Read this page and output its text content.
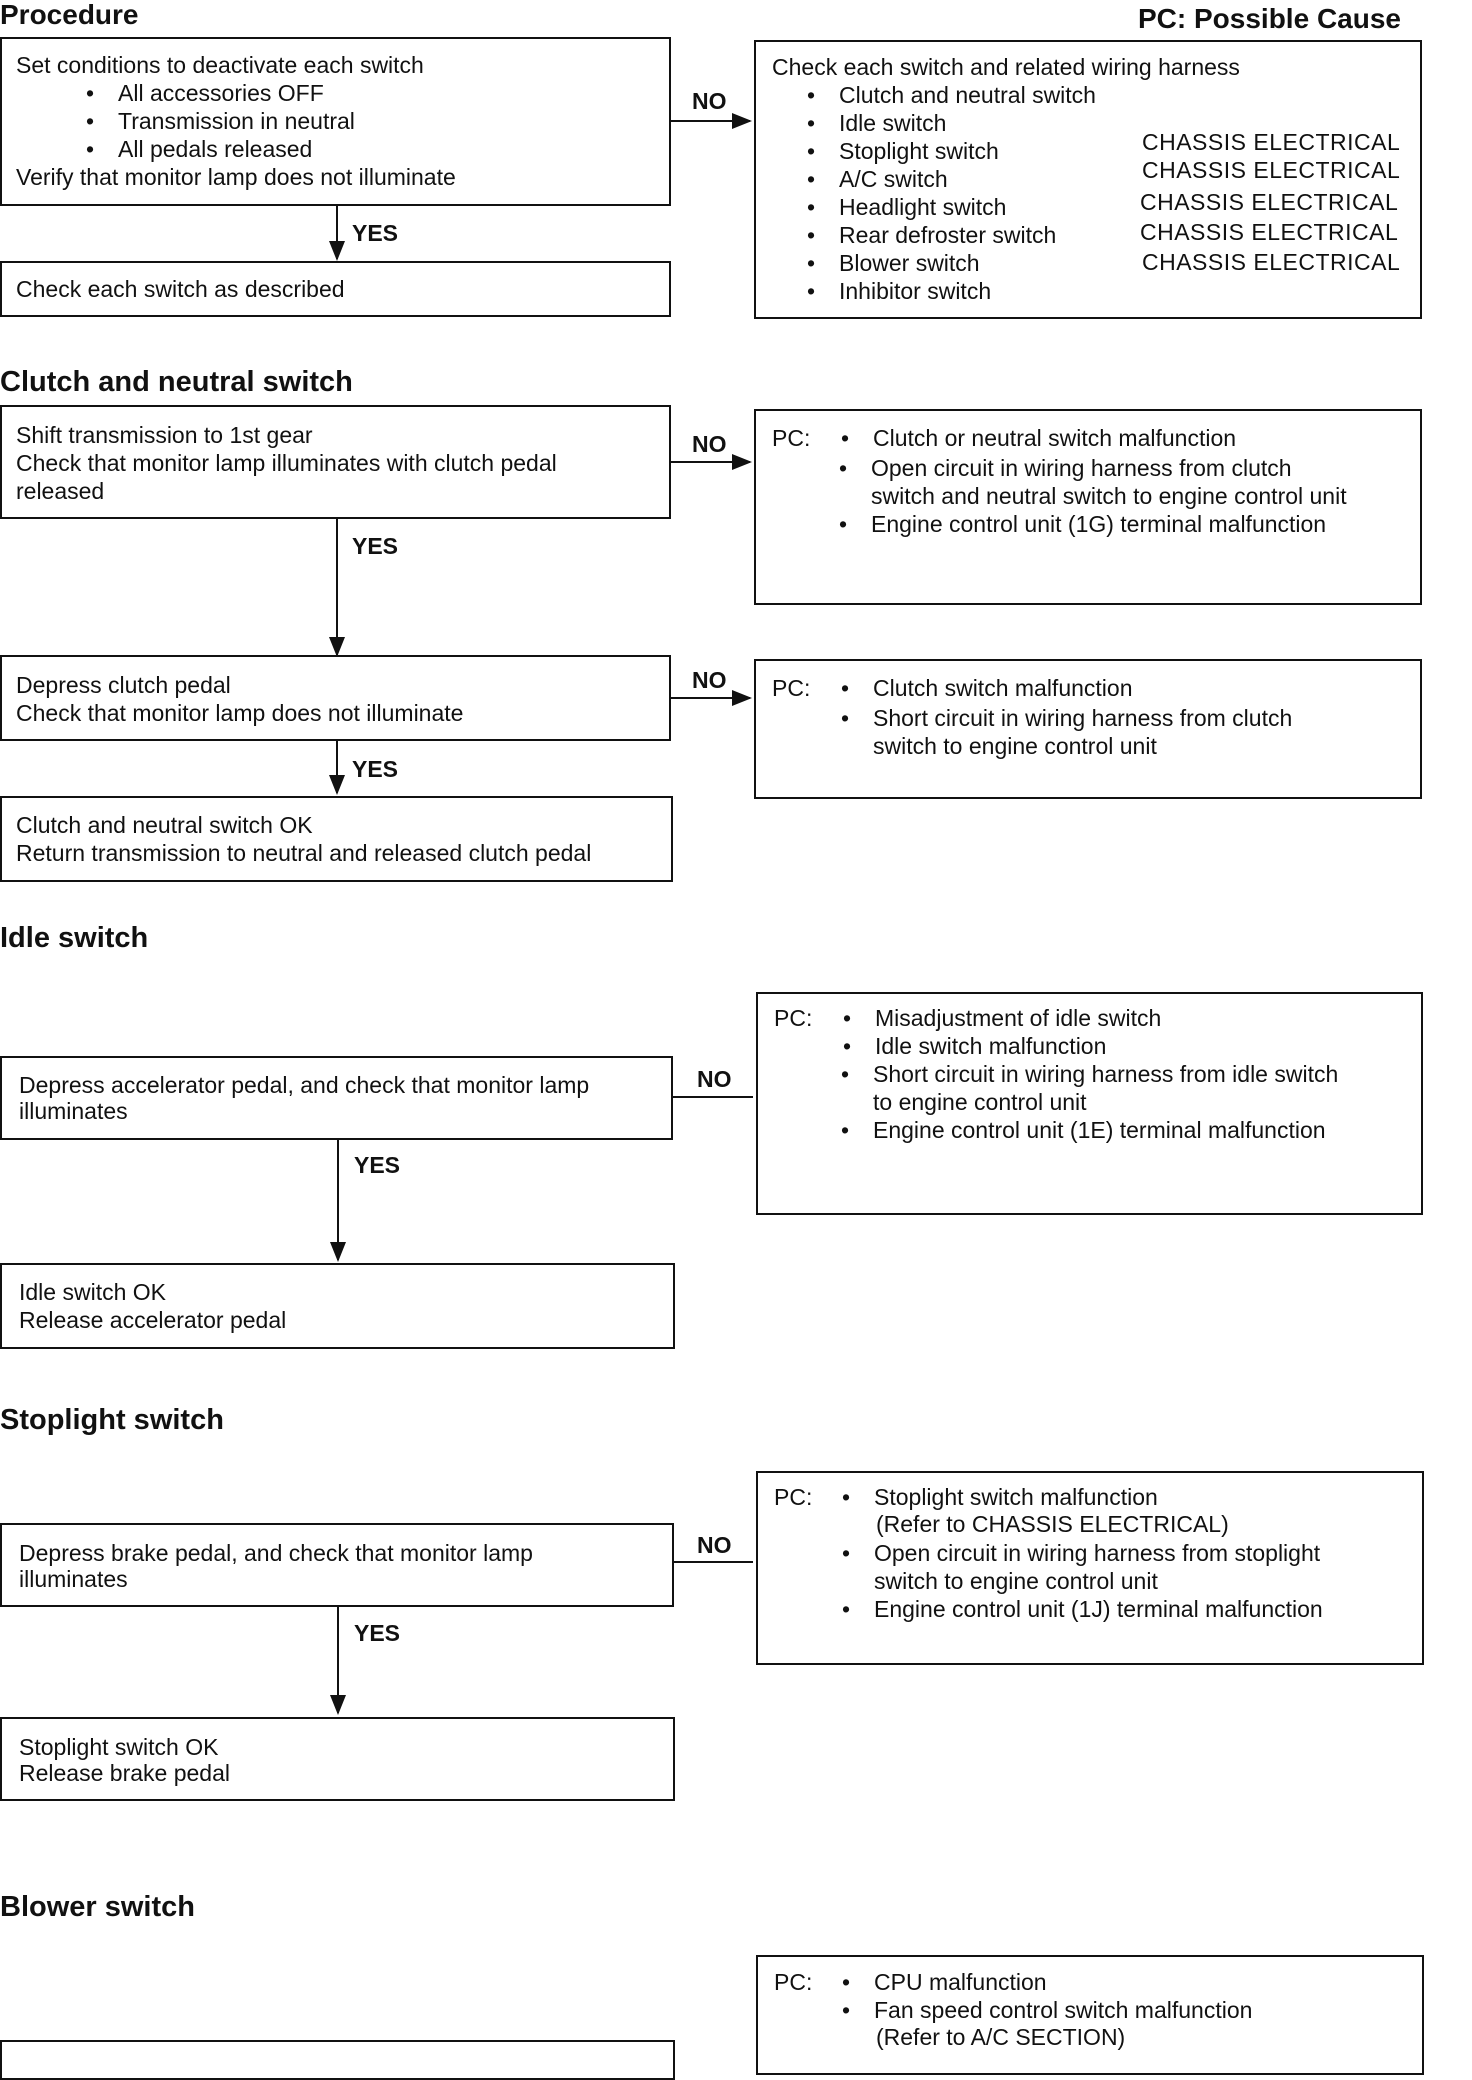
Procedure	PC: Possible Cause
Set conditions to deactivate each switch
• All accessories OFF
• Transmission in neutral
• All pedals released
Verify that monitor lamp does not illuminate
NO
YES
Check each switch as described
Check each switch and related wiring harness
• Clutch and neutral switch
• Idle switch
• Stoplight switch
• A/C switch
• Headlight switch
• Rear defroster switch
• Blower switch
• Inhibitor switch
CHASSIS ELECTRICAL
CHASSIS ELECTRICAL
CHASSIS ELECTRICAL
CHASSIS ELECTRICAL
CHASSIS ELECTRICAL
Clutch and neutral switch
Shift transmission to 1st gear
Check that monitor lamp illuminates with clutch pedal
released
NO
YES
PC:	• Clutch or neutral switch malfunction
• Open circuit in wiring harness from clutch
switch and neutral switch to engine control unit
• Engine control unit (1G) terminal malfunction
Depress clutch pedal
Check that monitor lamp does not illuminate
NO
YES
PC:	• Clutch switch malfunction
• Short circuit in wiring harness from clutch
switch to engine control unit
Clutch and neutral switch OK
Return transmission to neutral and released clutch pedal
Idle switch
Depress accelerator pedal, and check that monitor lamp
illuminates
NO
YES
PC:	• Misadjustment of idle switch
• Idle switch malfunction
• Short circuit in wiring harness from idle switch
to engine control unit
• Engine control unit (1E) terminal malfunction
Idle switch OK
Release accelerator pedal
Stoplight switch
Depress brake pedal, and check that monitor lamp
illuminates
NO
YES
PC:	• Stoplight switch malfunction
(Refer to CHASSIS ELECTRICAL)
• Open circuit in wiring harness from stoplight
switch to engine control unit
• Engine control unit (1J) terminal malfunction
Stoplight switch OK
Release brake pedal
Blower switch
PC:	• CPU malfunction
• Fan speed control switch malfunction
(Refer to A/C SECTION)
